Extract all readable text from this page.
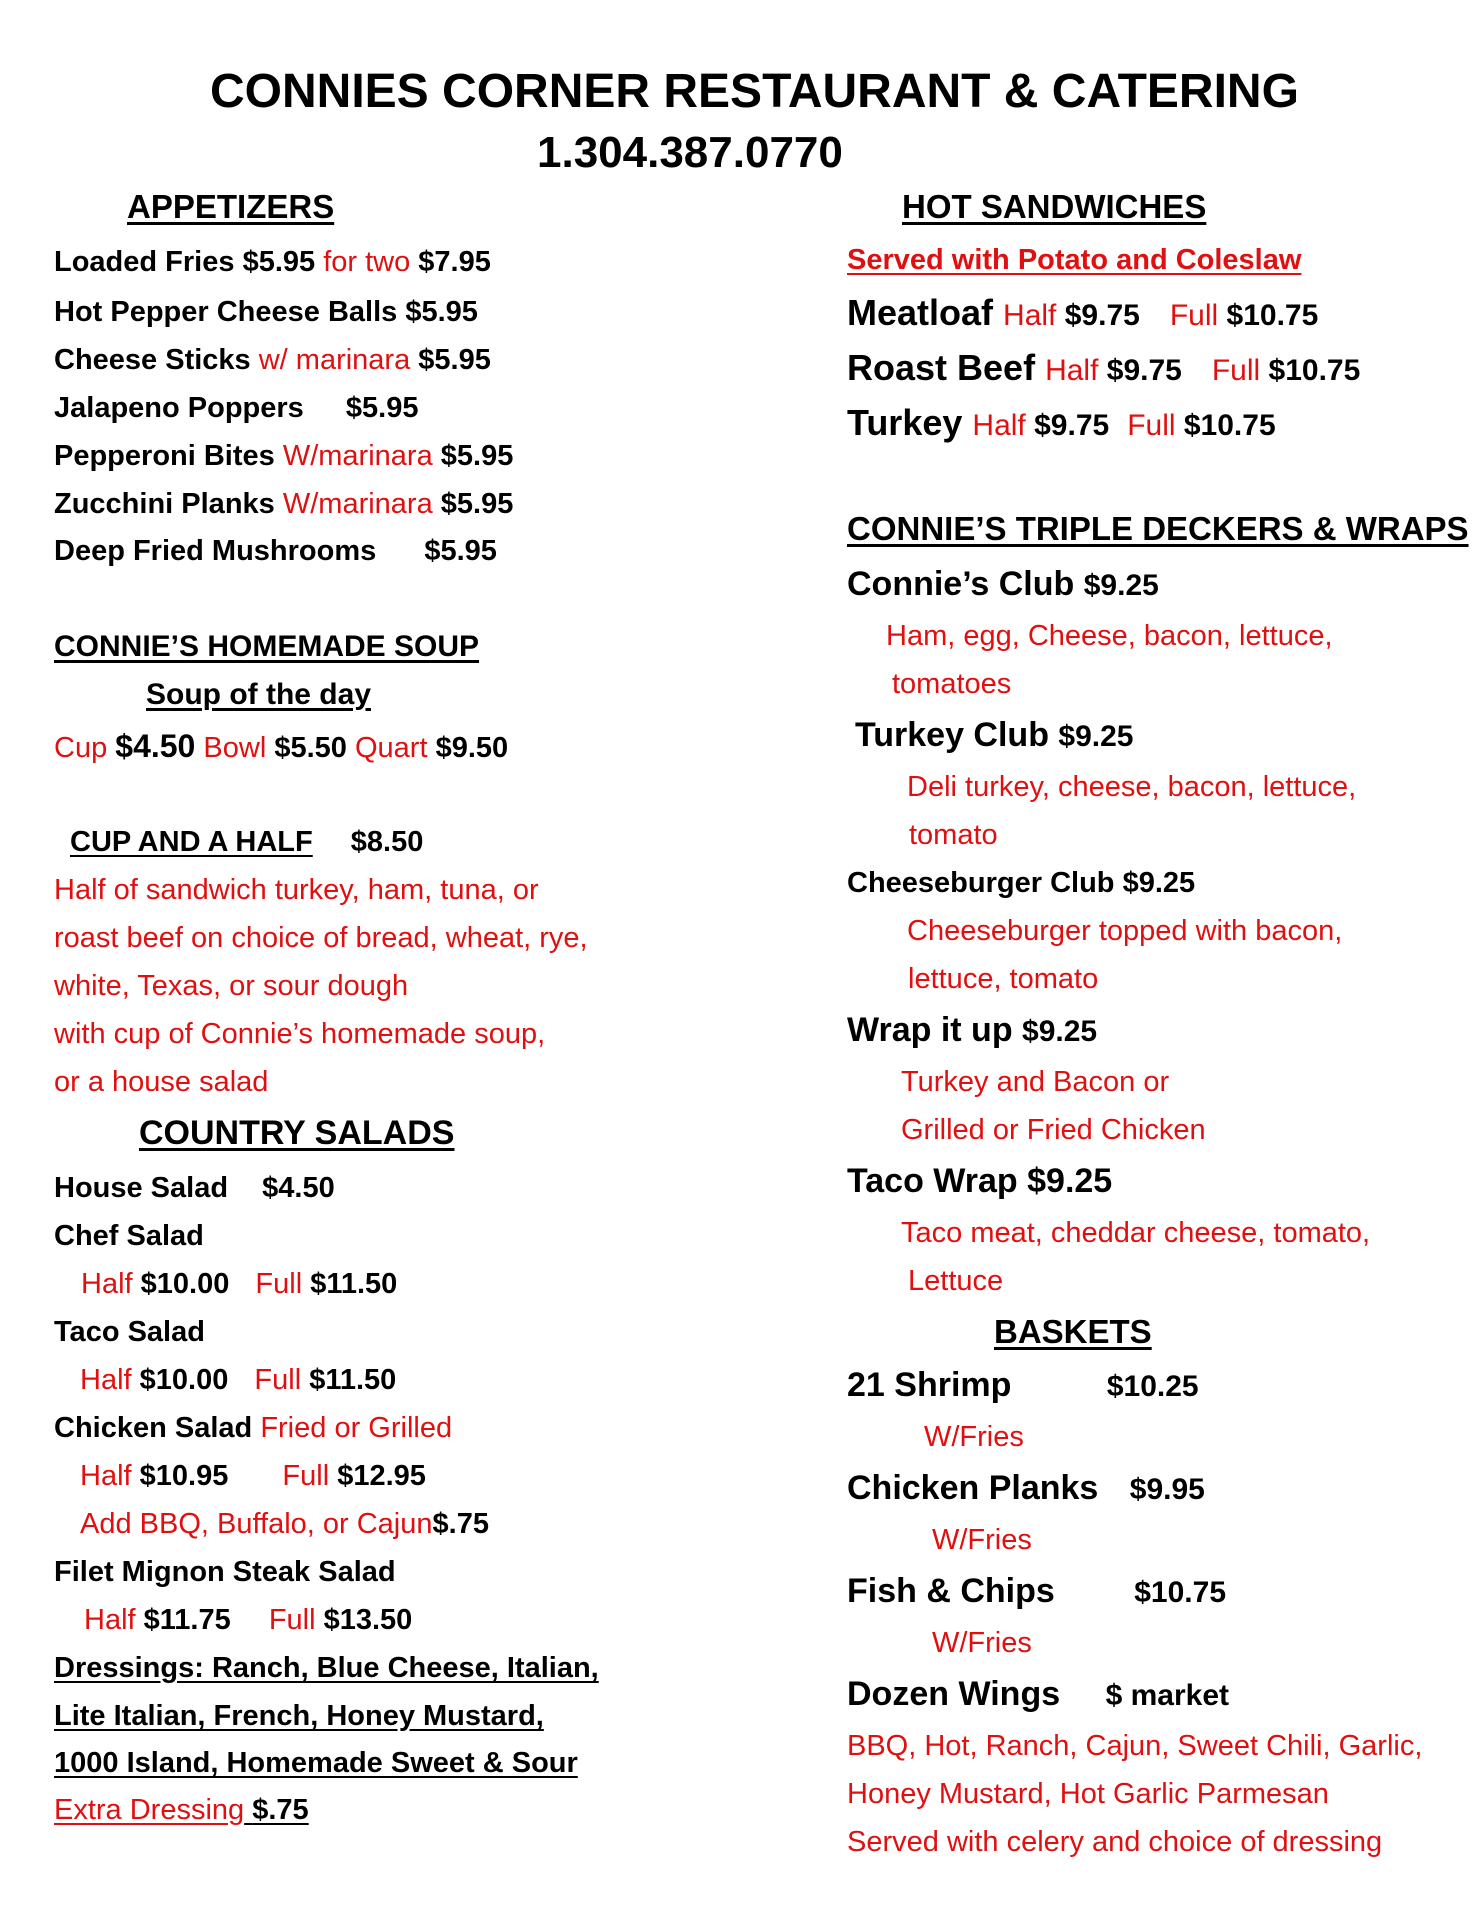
CONNIES CORNER RESTAURANT & CATERING
1.304.387.0770
APPETIZERS
Loaded Fries $5.95 for two $7.95
Hot Pepper Cheese Balls $5.95
Cheese Sticks w/ marinara $5.95
Jalapeno Poppers $5.95
Pepperoni Bites W/marinara $5.95
Zucchini Planks W/marinara $5.95
Deep Fried Mushrooms $5.95
CONNIE’S HOMEMADE SOUP
Soup of the day
Cup $4.50 Bowl $5.50 Quart $9.50
CUP AND A HALF $8.50
Half of sandwich turkey, ham, tuna, or
roast beef on choice of bread, wheat, rye,
white, Texas, or sour dough
with cup of Connie’s homemade soup,
or a house salad
COUNTRY SALADS
House Salad $4.50
Chef Salad
Half $10.00 Full $11.50
Taco Salad
Half $10.00 Full $11.50
Chicken Salad Fried or Grilled
Half $10.95 Full $12.95
Add BBQ, Buffalo, or Cajun$.75
Filet Mignon Steak Salad
Half $11.75 Full $13.50
Dressings: Ranch, Blue Cheese, Italian,
Lite Italian, French, Honey Mustard,
1000 Island, Homemade Sweet & Sour
Extra Dressing $.75
HOT SANDWICHES
Served with Potato and Coleslaw
Meatloaf Half $9.75 Full $10.75
Roast Beef Half $9.75 Full $10.75
Turkey Half $9.75 Full $10.75
CONNIE’S TRIPLE DECKERS & WRAPS
Connie’s Club $9.25
Ham, egg, Cheese, bacon, lettuce,
tomatoes
Turkey Club $9.25
Deli turkey, cheese, bacon, lettuce,
tomato
Cheeseburger Club $9.25
Cheeseburger topped with bacon,
lettuce, tomato
Wrap it up $9.25
Turkey and Bacon or
Grilled or Fried Chicken
Taco Wrap $9.25
Taco meat, cheddar cheese, tomato,
Lettuce
BASKETS
21 Shrimp	$10.25
W/Fries
Chicken Planks $9.95
W/Fries
Fish & Chips	$10.75
W/Fries
Dozen Wings $ market
BBQ, Hot, Ranch, Cajun, Sweet Chili, Garlic,
Honey Mustard, Hot Garlic Parmesan
Served with celery and choice of dressing
